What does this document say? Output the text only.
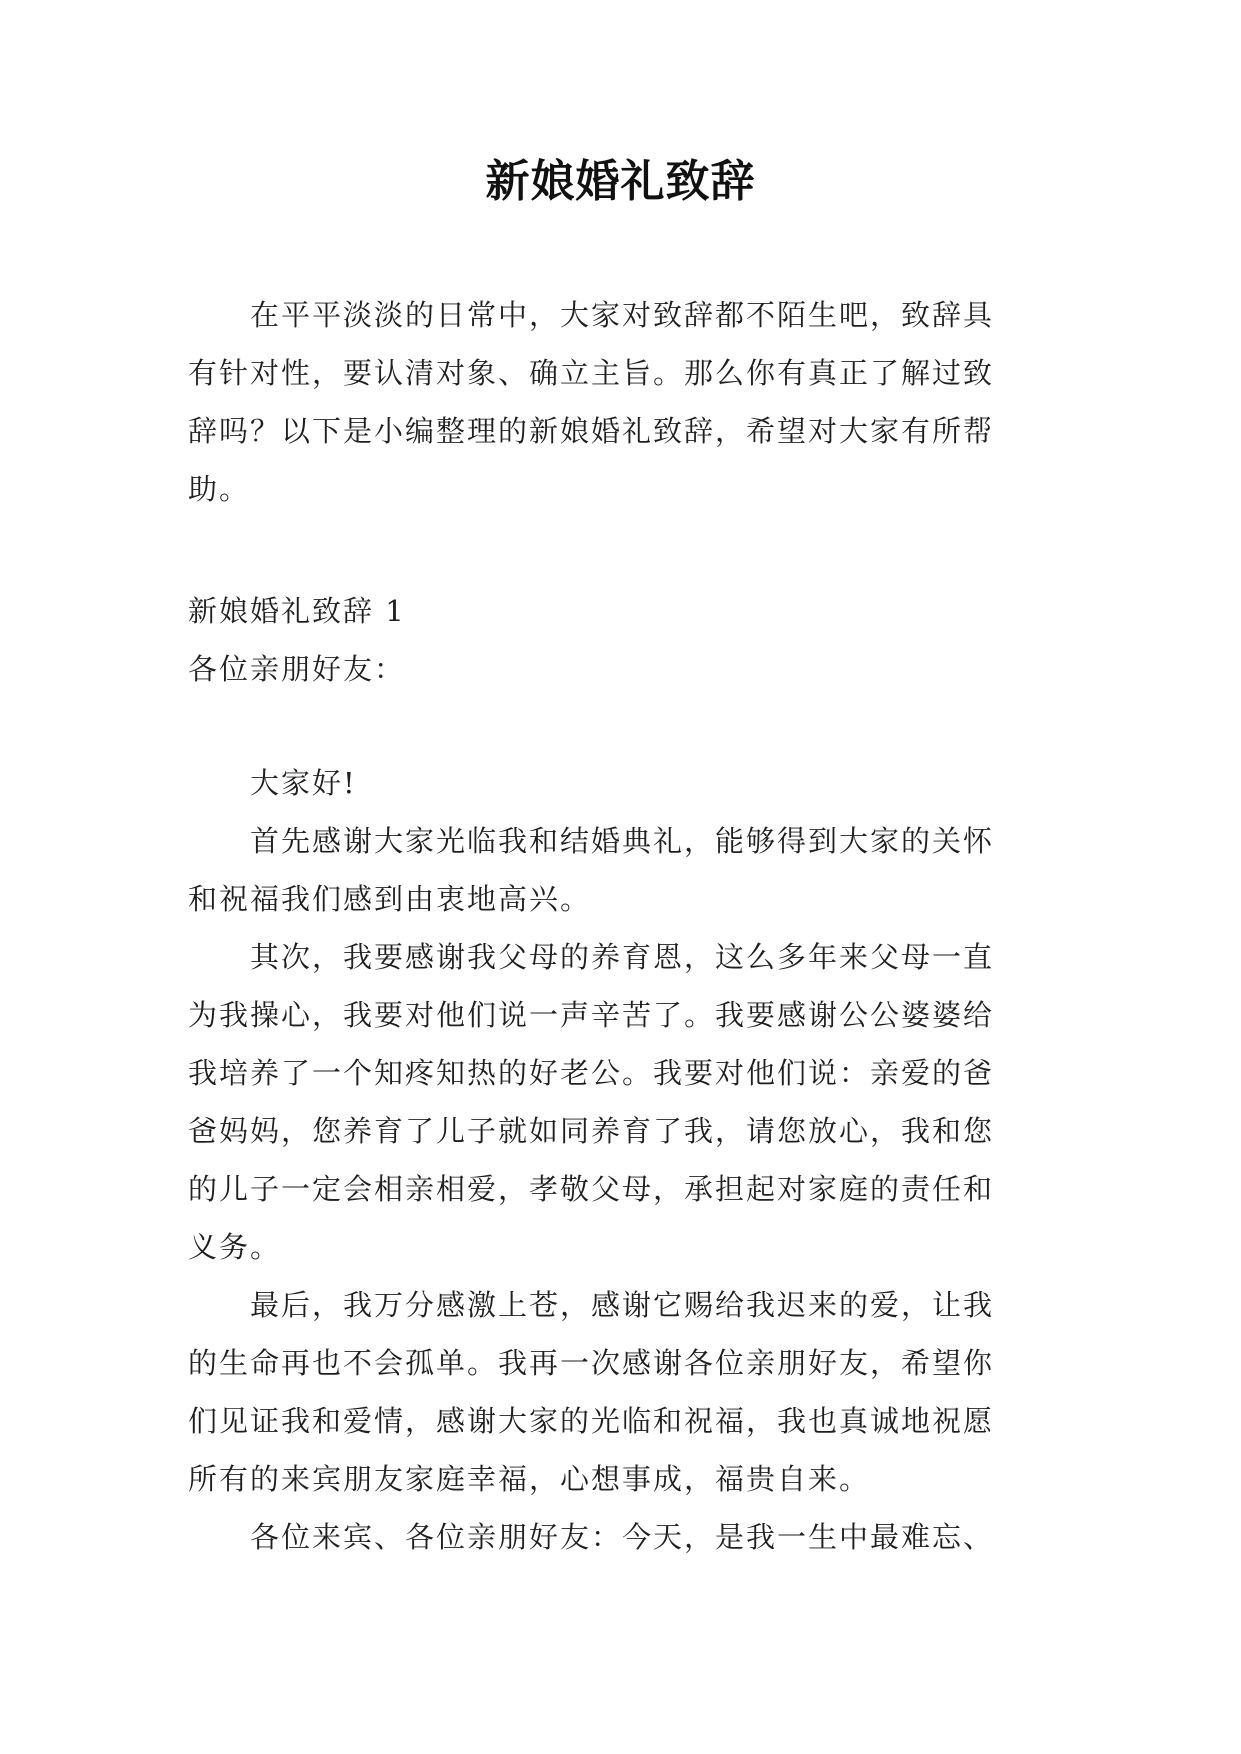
新娘婚礼致辞

　　在平平淡淡的日常中，大家对致辞都不陌生吧，致辞具

有针对性，要认清对象、确立主旨。那么你有真正了解过致

辞吗？以下是小编整理的新娘婚礼致辞，希望对大家有所帮

助。

新娘婚礼致辞 1

各位亲朋好友：

　　大家好!

　　首先感谢大家光临我和结婚典礼，能够得到大家的关怀

和祝福我们感到由衷地高兴。

　　其次，我要感谢我父母的养育恩，这么多年来父母一直

为我操心，我要对他们说一声辛苦了。我要感谢公公婆婆给

我培养了一个知疼知热的好老公。我要对他们说：亲爱的爸

爸妈妈，您养育了儿子就如同养育了我，请您放心，我和您

的儿子一定会相亲相爱，孝敬父母，承担起对家庭的责任和

义务。

　　最后，我万分感激上苍，感谢它赐给我迟来的爱，让我

的生命再也不会孤单。我再一次感谢各位亲朋好友，希望你

们见证我和爱情，感谢大家的光临和祝福，我也真诚地祝愿

所有的来宾朋友家庭幸福，心想事成，福贵自来。

　　各位来宾、各位亲朋好友：今天，是我一生中最难忘、
